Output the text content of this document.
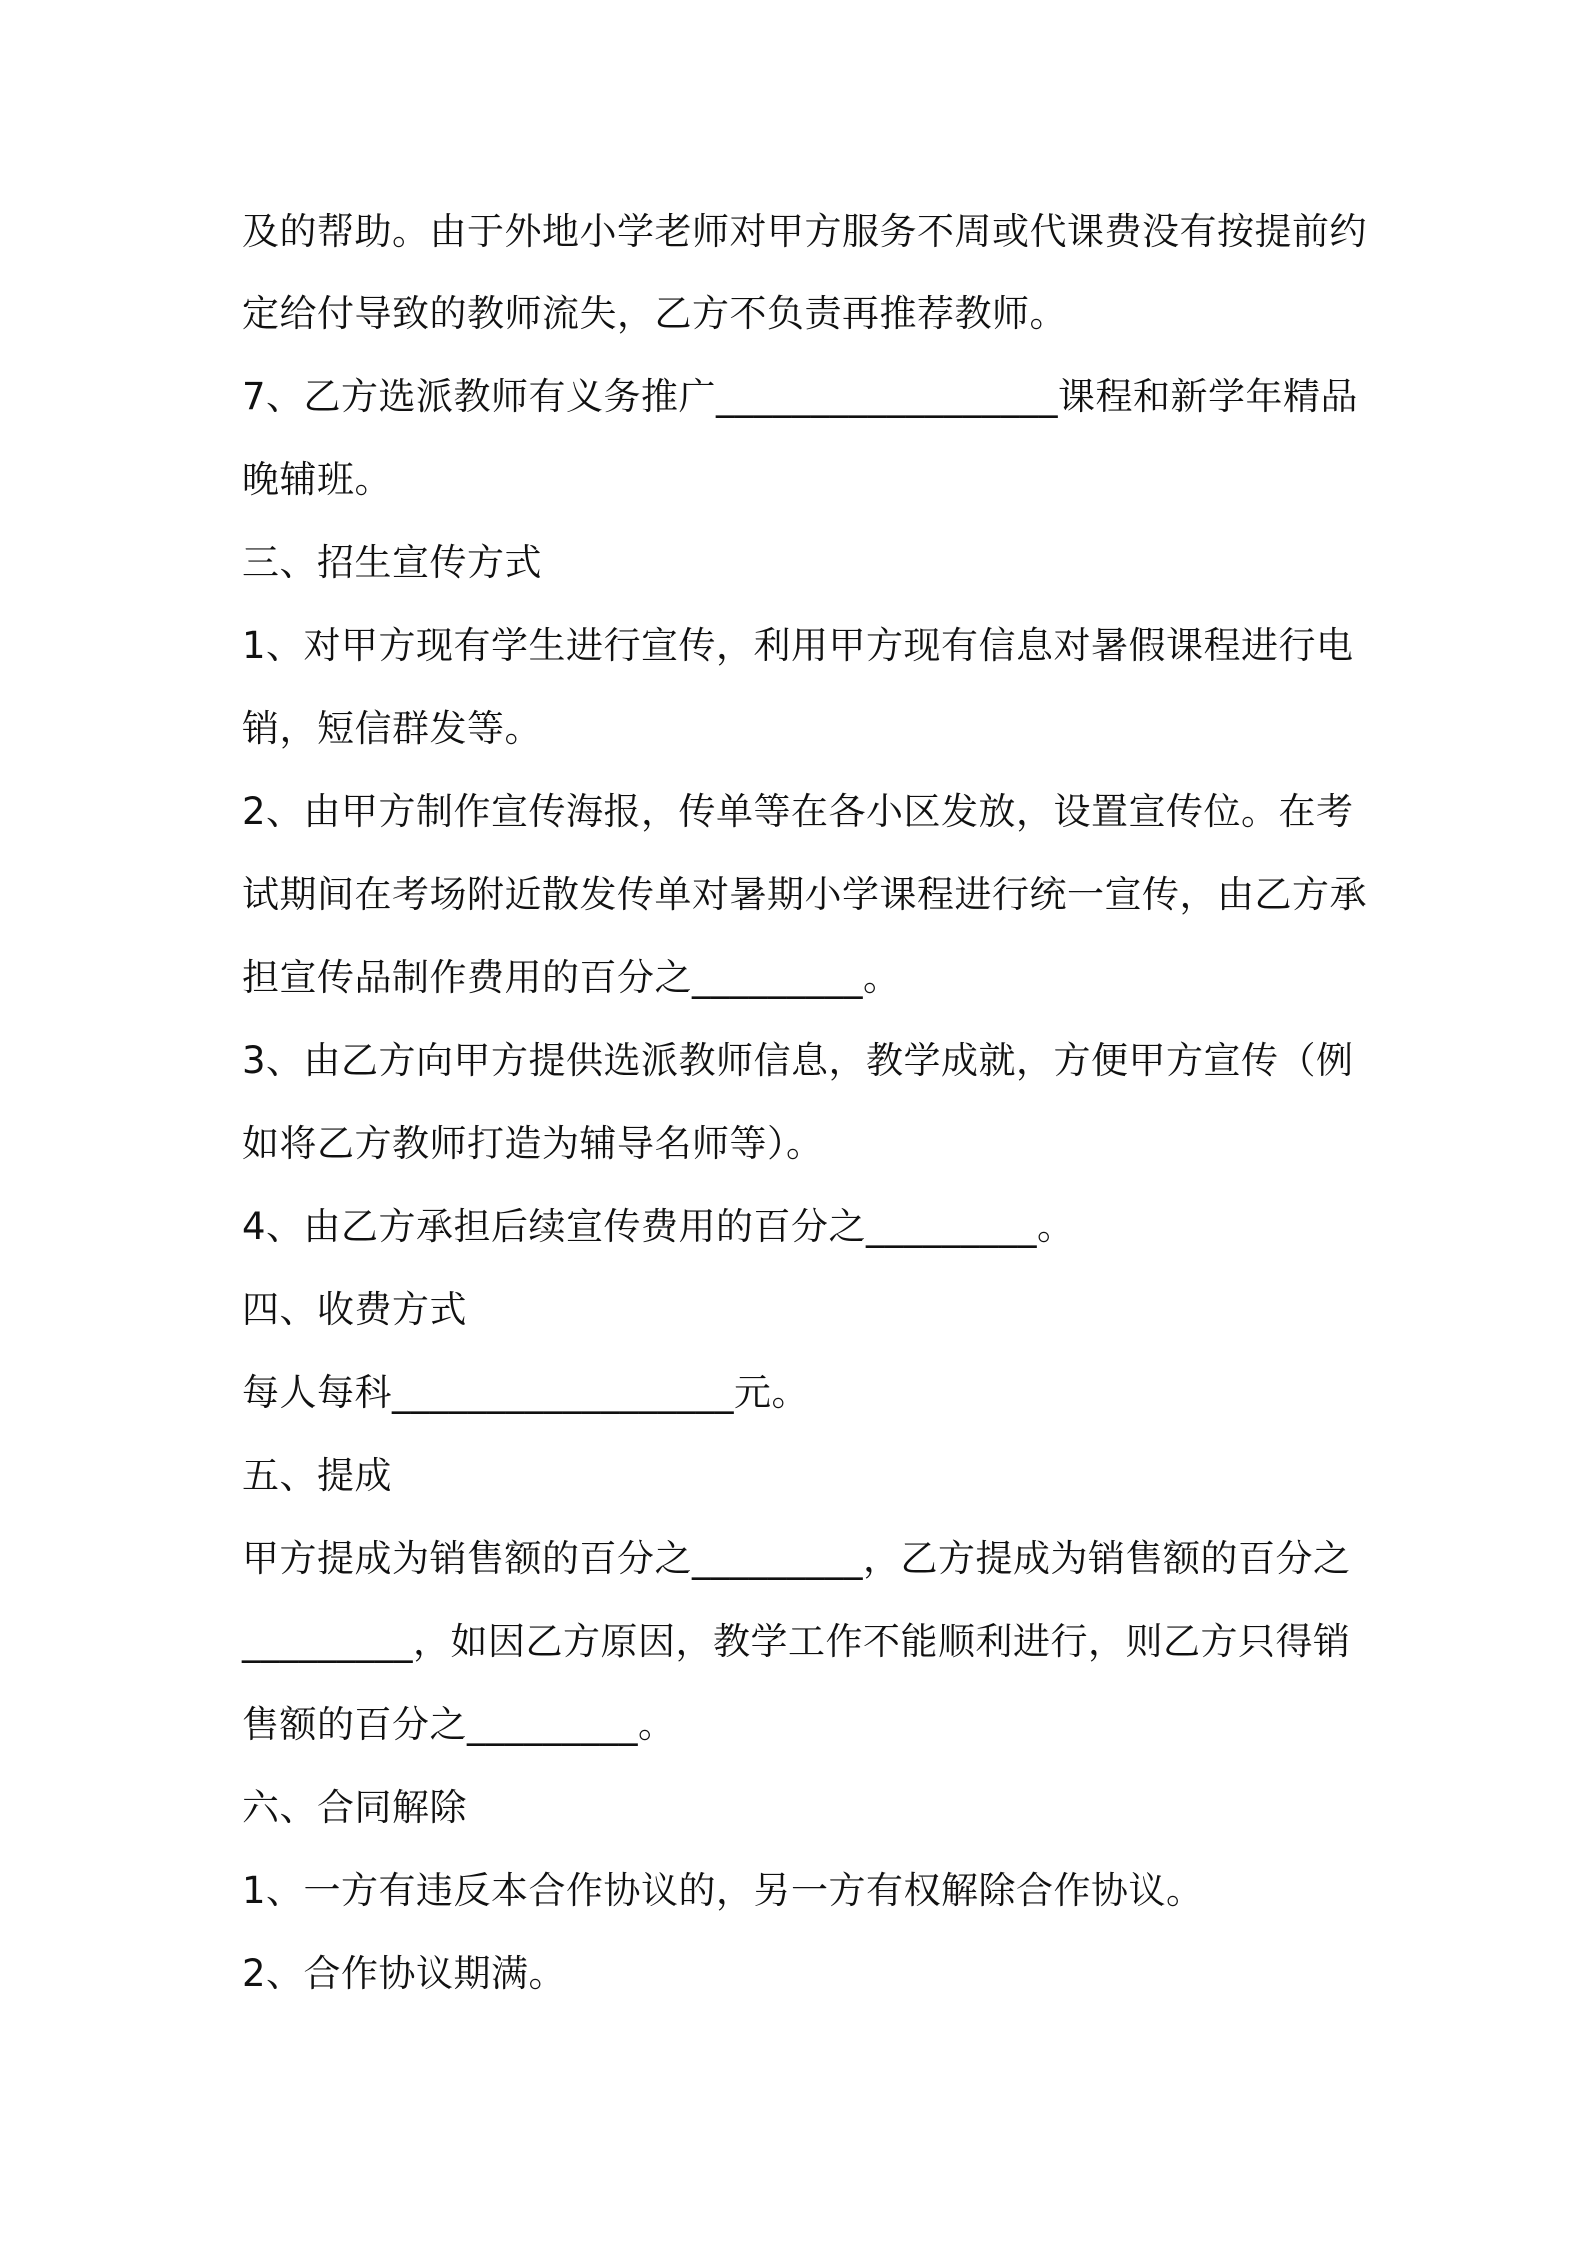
及的帮助。由于外地小学老师对甲方服务不周或代课费没有按提前约
定给付导致的教师流失，乙方不负责再推荐教师。
7、乙方选派教师有义务推广__________________课程和新学年精品
晚辅班。
三、招生宣传方式
1、对甲方现有学生进行宣传，利用甲方现有信息对暑假课程进行电
销，短信群发等。
2、由甲方制作宣传海报，传单等在各小区发放，设置宣传位。在考
试期间在考场附近散发传单对暑期小学课程进行统一宣传，由乙方承
担宣传品制作费用的百分之_________。
3、由乙方向甲方提供选派教师信息，教学成就，方便甲方宣传（例
如将乙方教师打造为辅导名师等）。
4、由乙方承担后续宣传费用的百分之_________。
四、收费方式
每人每科__________________元。
五、提成
甲方提成为销售额的百分之_________，乙方提成为销售额的百分之
_________，如因乙方原因，教学工作不能顺利进行，则乙方只得销
售额的百分之_________。
六、合同解除
1、一方有违反本合作协议的，另一方有权解除合作协议。
2、合作协议期满。
